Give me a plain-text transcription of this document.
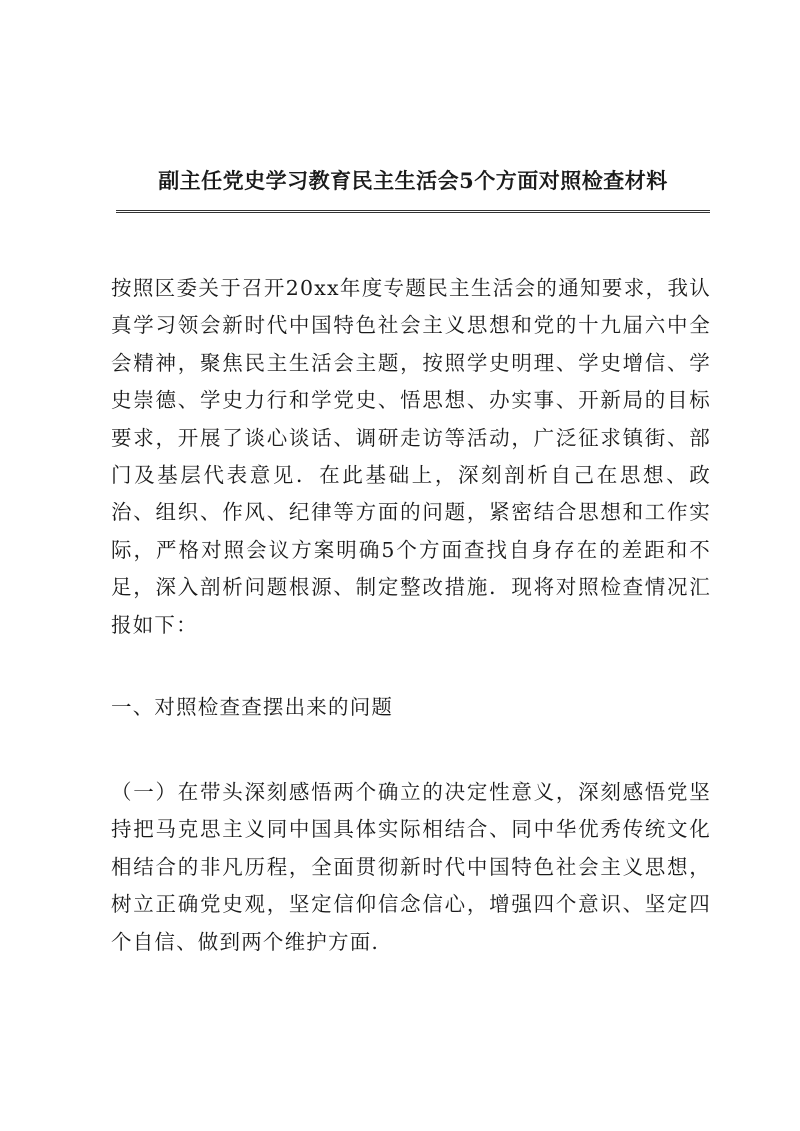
副主任党史学习教育民主生活会5个方面对照检查材料
按照区委关于召开20xx年度专题民主生活会的通知要求，我认真学习领会新时代中国特色社会主义思想和党的十九届六中全会精神，聚焦民主生活会主题，按照学史明理、学史增信、学史崇德、学史力行和学党史、悟思想、办实事、开新局的目标要求，开展了谈心谈话、调研走访等活动，广泛征求镇街、部门及基层代表意见．在此基础上，深刻剖析自己在思想、政治、组织、作风、纪律等方面的问题，紧密结合思想和工作实际，严格对照会议方案明确5个方面查找自身存在的差距和不足，深入剖析问题根源、制定整改措施．现将对照检查情况汇报如下：
一、对照检查查摆出来的问题
（一）在带头深刻感悟两个确立的决定性意义，深刻感悟党坚持把马克思主义同中国具体实际相结合、同中华优秀传统文化相结合的非凡历程，全面贯彻新时代中国特色社会主义思想，树立正确党史观，坚定信仰信念信心，增强四个意识、坚定四个自信、做到两个维护方面.
